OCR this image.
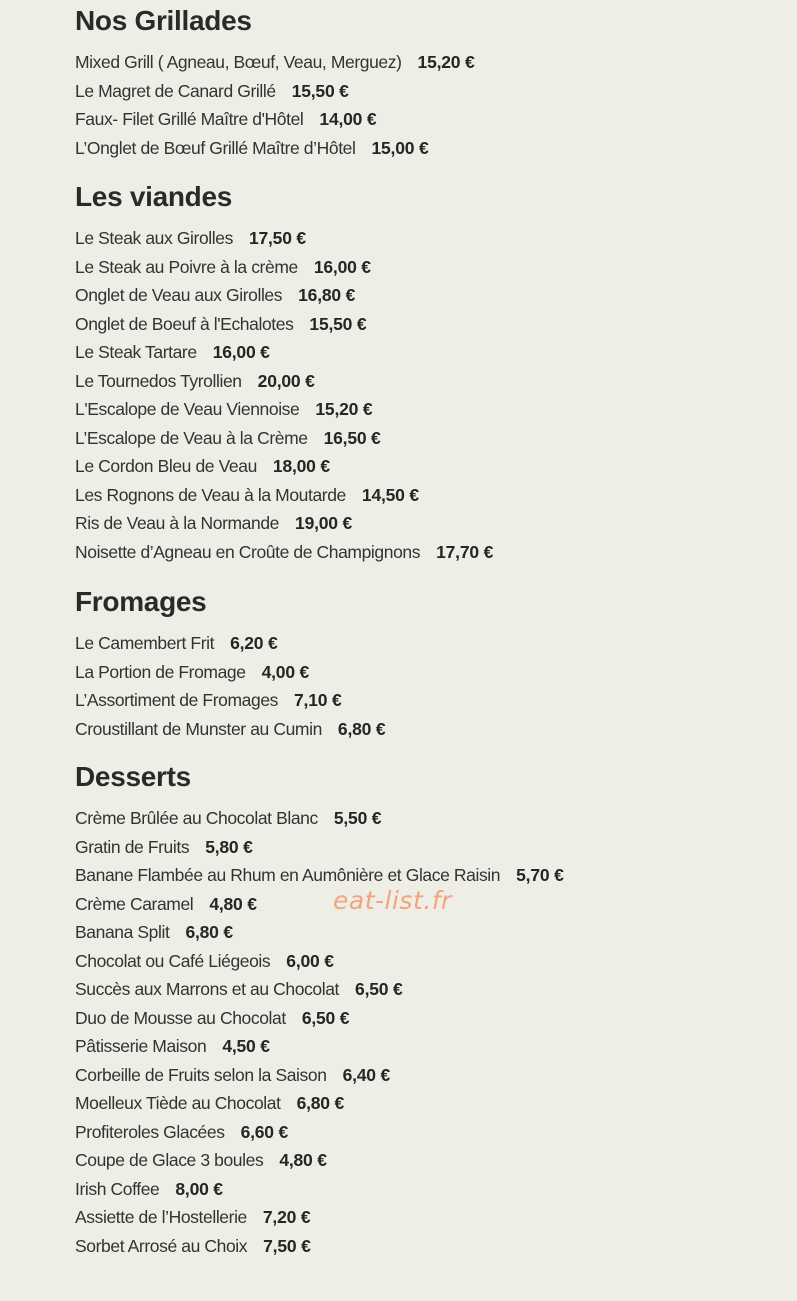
Nos Grillades
Mixed Grill ( Agneau, Bœuf, Veau, Merguez) 15,20 €
Le Magret de Canard Grillé 15,50 €
Faux- Filet Grillé Maître d'Hôtel 14,00 €
L’Onglet de Bœuf Grillé Maître d’Hôtel 15,00 €
Les viandes
Le Steak aux Girolles 17,50 €
Le Steak au Poivre à la crème 16,00 €
Onglet de Veau aux Girolles 16,80 €
Onglet de Boeuf à l'Echalotes 15,50 €
Le Steak Tartare 16,00 €
Le Tournedos Tyrollien 20,00 €
L'Escalope de Veau Viennoise 15,20 €
L’Escalope de Veau à la Crème 16,50 €
Le Cordon Bleu de Veau 18,00 €
Les Rognons de Veau à la Moutarde 14,50 €
Ris de Veau à la Normande 19,00 €
Noisette d’Agneau en Croûte de Champignons 17,70 €
Fromages
Le Camembert Frit 6,20 €
La Portion de Fromage 4,00 €
L’Assortiment de Fromages 7,10 €
Croustillant de Munster au Cumin 6,80 €
Desserts
Crème Brûlée au Chocolat Blanc 5,50 €
Gratin de Fruits 5,80 €
Banane Flambée au Rhum en Aumônière et Glace Raisin 5,70 €
Crème Caramel 4,80 €
Banana Split 6,80 €
Chocolat ou Café Liégeois 6,00 €
Succès aux Marrons et au Chocolat 6,50 €
Duo de Mousse au Chocolat 6,50 €
Pâtisserie Maison 4,50 €
Corbeille de Fruits selon la Saison 6,40 €
Moelleux Tiède au Chocolat 6,80 €
Profiteroles Glacées 6,60 €
Coupe de Glace 3 boules 4,80 €
Irish Coffee 8,00 €
Assiette de l’Hostellerie 7,20 €
Sorbet Arrosé au Choix 7,50 €
eat-list.fr
